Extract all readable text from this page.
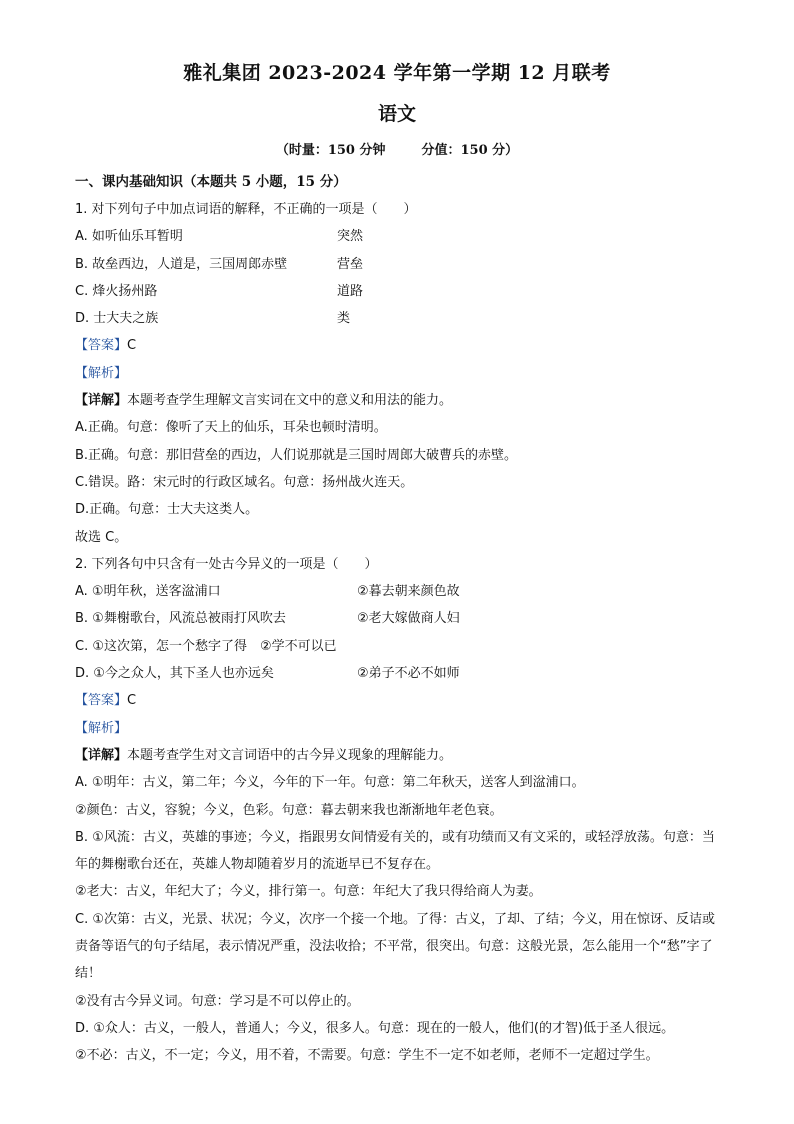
雅礼集团 2023-2024 学年第一学期 12 月联考
语文
（时量：150 分钟	分值：150 分）
一、课内基础知识（本题共 5 小题，15 分）
1. 对下列句子中加点词语的解释，不正确的一项是（　　）
A. 如听仙乐耳暂明	突然
B. 故垒西边，人道是，三国周郎赤壁	营垒
C. 烽火扬州路	道路
D. 士大夫之族	类
【答案】C
【解析】
【详解】本题考查学生理解文言实词在文中的意义和用法的能力。
A.正确。句意：像听了天上的仙乐，耳朵也顿时清明。
B.正确。句意：那旧营垒的西边，人们说那就是三国时周郎大破曹兵的赤壁。
C.错误。路：宋元时的行政区域名。句意：扬州战火连天。
D.正确。句意：士大夫这类人。
故选 C。
2. 下列各句中只含有一处古今异义的一项是（　　）
A. ①明年秋，送客湓浦口	②暮去朝来颜色故
B. ①舞榭歌台，风流总被雨打风吹去	②老大嫁做商人妇
C. ①这次第，怎一个愁字了得　②学不可以已
D. ①今之众人，其下圣人也亦远矣	②弟子不必不如师
【答案】C
【解析】
【详解】本题考查学生对文言词语中的古今异义现象的理解能力。
A. ①明年：古义，第二年；今义，今年的下一年。句意：第二年秋天，送客人到湓浦口。
②颜色：古义，容貌；今义，色彩。句意：暮去朝来我也渐渐地年老色衰。
B. ①风流：古义，英雄的事迹；今义，指跟男女间情爱有关的，或有功绩而又有文采的，或轻浮放荡。句意：当年的舞榭歌台还在，英雄人物却随着岁月的流逝早已不复存在。
②老大：古义，年纪大了；今义，排行第一。句意：年纪大了我只得给商人为妻。
C. ①次第：古义，光景、状况；今义，次序一个接一个地。了得：古义，了却、了结；今义，用在惊讶、反诘或责备等语气的句子结尾，表示情况严重，没法收拾；不平常，很突出。句意：这般光景，怎么能用一个“愁”字了结！
②没有古今异义词。句意：学习是不可以停止的。
D. ①众人：古义，一般人，普通人；今义，很多人。句意：现在的一般人，他们(的才智)低于圣人很远。
②不必：古义，不一定；今义，用不着，不需要。句意：学生不一定不如老师，老师不一定超过学生。
